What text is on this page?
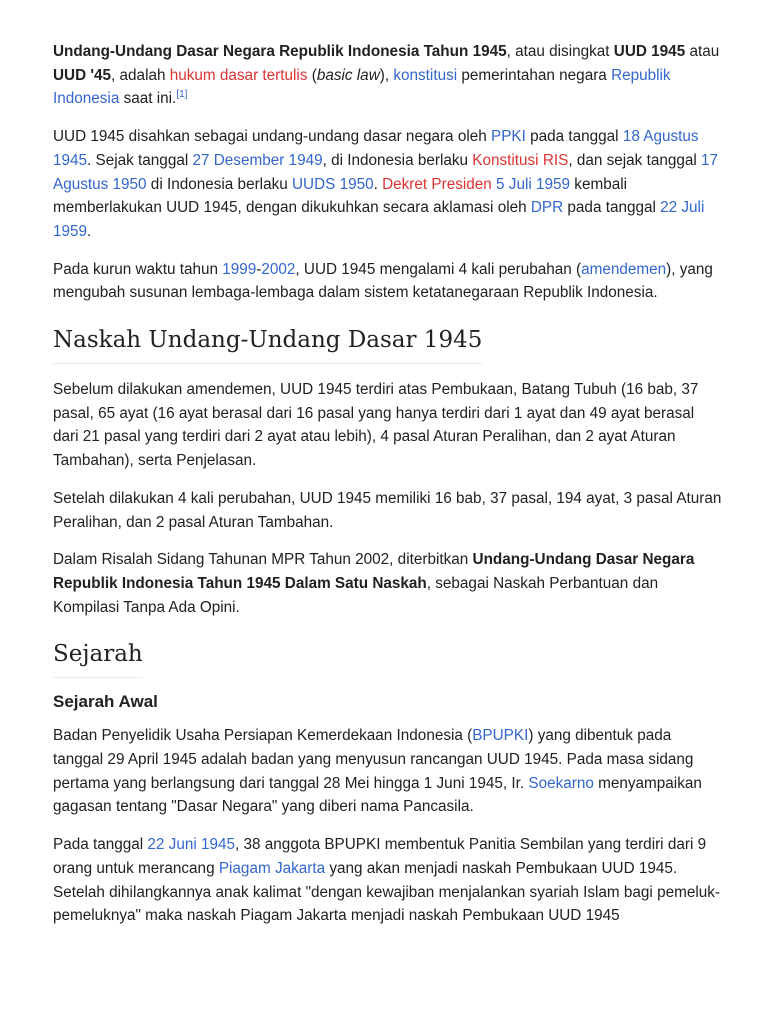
Undang-Undang Dasar Negara Republik Indonesia Tahun 1945, atau disingkat UUD 1945 atau UUD '45, adalah hukum dasar tertulis (basic law), konstitusi pemerintahan negara Republik Indonesia saat ini.[1]

UUD 1945 disahkan sebagai undang-undang dasar negara oleh PPKI pada tanggal 18 Agustus 1945. Sejak tanggal 27 Desember 1949, di Indonesia berlaku Konstitusi RIS, dan sejak tanggal 17 Agustus 1950 di Indonesia berlaku UUDS 1950. Dekret Presiden 5 Juli 1959 kembali memberlakukan UUD 1945, dengan dikukuhkan secara aklamasi oleh DPR pada tanggal 22 Juli 1959.

Pada kurun waktu tahun 1999-2002, UUD 1945 mengalami 4 kali perubahan (amendemen), yang mengubah susunan lembaga-lembaga dalam sistem ketatanegaraan Republik Indonesia.

Naskah Undang-Undang Dasar 1945

Sebelum dilakukan amendemen, UUD 1945 terdiri atas Pembukaan, Batang Tubuh (16 bab, 37 pasal, 65 ayat (16 ayat berasal dari 16 pasal yang hanya terdiri dari 1 ayat dan 49 ayat berasal dari 21 pasal yang terdiri dari 2 ayat atau lebih), 4 pasal Aturan Peralihan, dan 2 ayat Aturan Tambahan), serta Penjelasan.

Setelah dilakukan 4 kali perubahan, UUD 1945 memiliki 16 bab, 37 pasal, 194 ayat, 3 pasal Aturan Peralihan, dan 2 pasal Aturan Tambahan.

Dalam Risalah Sidang Tahunan MPR Tahun 2002, diterbitkan Undang-Undang Dasar Negara Republik Indonesia Tahun 1945 Dalam Satu Naskah, sebagai Naskah Perbantuan dan Kompilasi Tanpa Ada Opini.

Sejarah
Sejarah Awal

Badan Penyelidik Usaha Persiapan Kemerdekaan Indonesia (BPUPKI) yang dibentuk pada tanggal 29 April 1945 adalah badan yang menyusun rancangan UUD 1945. Pada masa sidang pertama yang berlangsung dari tanggal 28 Mei hingga 1 Juni 1945, Ir. Soekarno menyampaikan gagasan tentang "Dasar Negara" yang diberi nama Pancasila.

Pada tanggal 22 Juni 1945, 38 anggota BPUPKI membentuk Panitia Sembilan yang terdiri dari 9 orang untuk merancang Piagam Jakarta yang akan menjadi naskah Pembukaan UUD 1945. Setelah dihilangkannya anak kalimat "dengan kewajiban menjalankan syariah Islam bagi pemeluk-pemeluknya" maka naskah Piagam Jakarta menjadi naskah Pembukaan UUD 1945
